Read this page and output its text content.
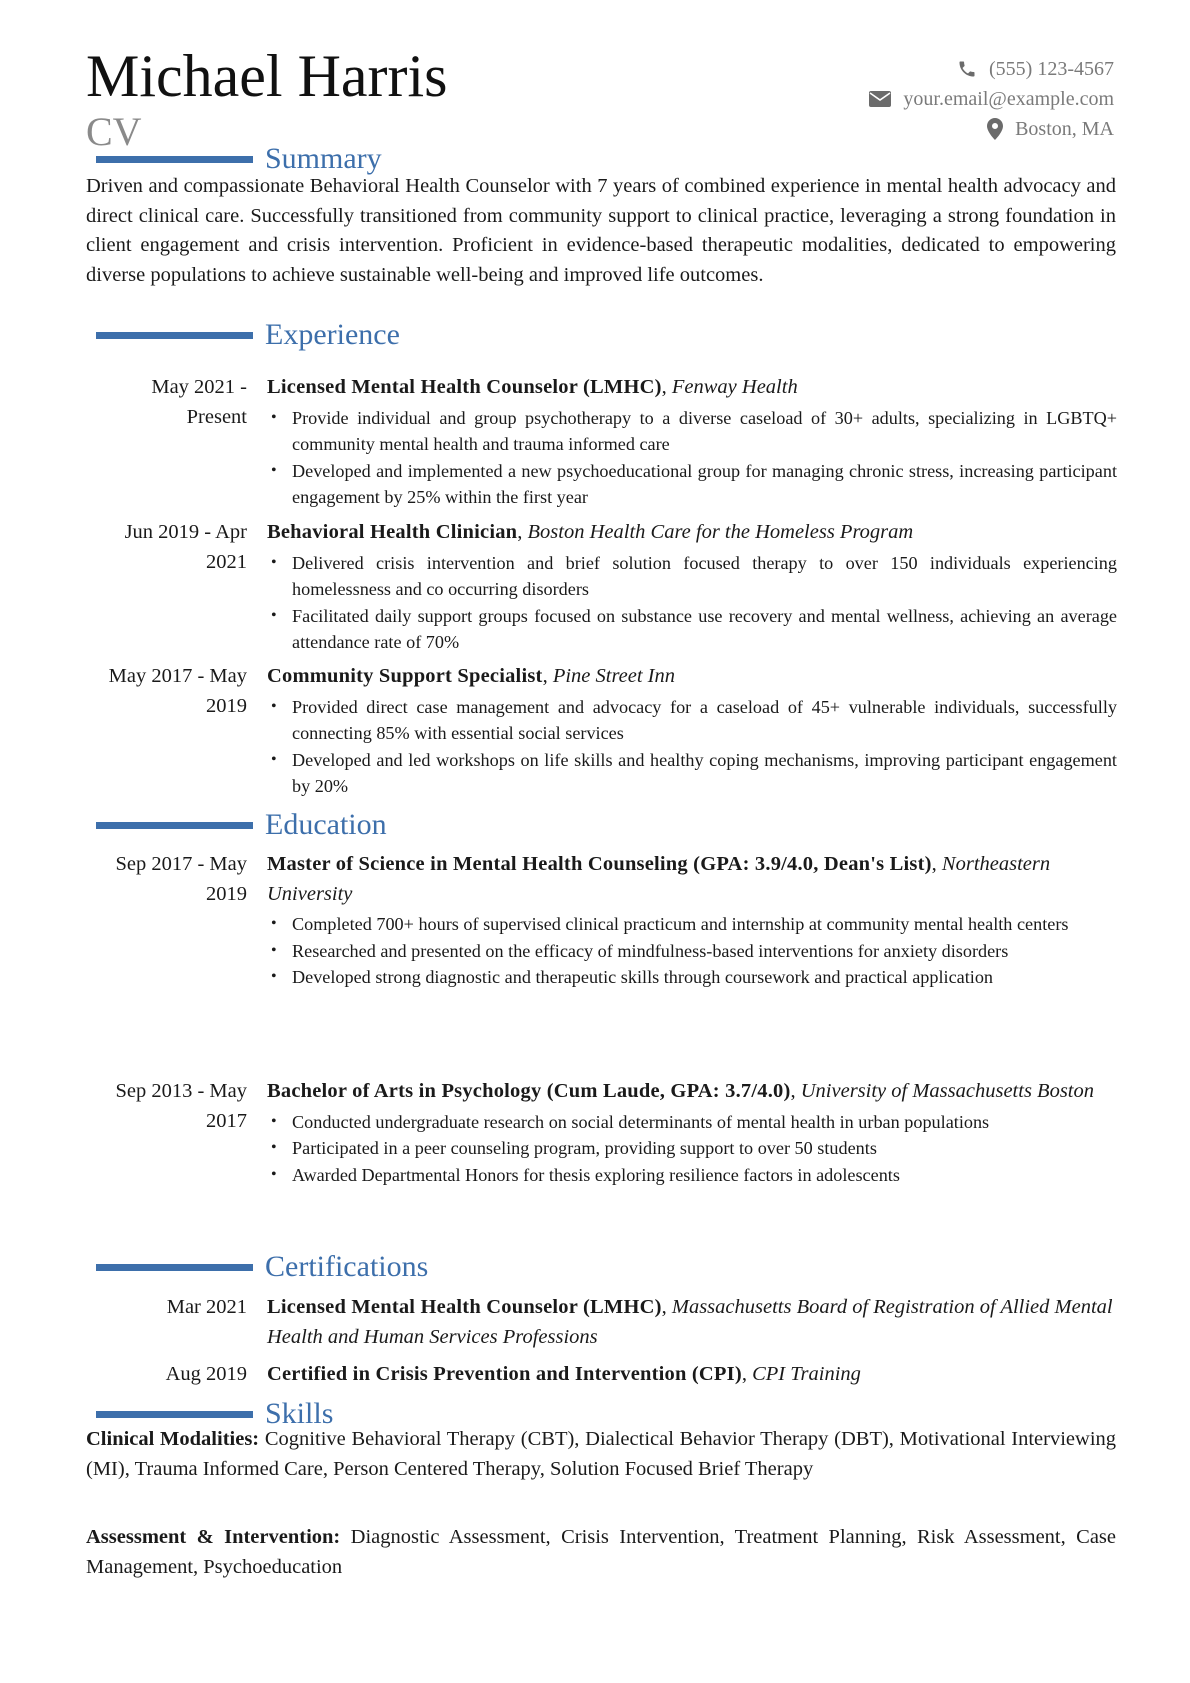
Michael Harris
CV
(555) 123-4567
your.email@example.com
Boston, MA
Summary

Driven and compassionate Behavioral Health Counselor with 7 years of combined experience in mental health advocacy and direct clinical care. Successfully transitioned from community support to clinical practice, leveraging a strong foundation in client engagement and crisis intervention. Proficient in evidence-based therapeutic modalities, dedicated to empowering diverse populations to achieve sustainable well-being and improved life outcomes.

Experience
May 2021 - Present
Licensed Mental Health Counselor (LMHC), Fenway Health
• Provide individual and group psychotherapy to a diverse caseload of 30+ adults, specializing in LGBTQ+ community mental health and trauma informed care
• Developed and implemented a new psychoeducational group for managing chronic stress, increasing participant engagement by 25% within the first year
Jun 2019 - Apr 2021
Behavioral Health Clinician, Boston Health Care for the Homeless Program
• Delivered crisis intervention and brief solution focused therapy to over 150 individuals experiencing homelessness and co occurring disorders
• Facilitated daily support groups focused on substance use recovery and mental wellness, achieving an average attendance rate of 70%
May 2017 - May 2019
Community Support Specialist, Pine Street Inn
• Provided direct case management and advocacy for a caseload of 45+ vulnerable individuals, successfully connecting 85% with essential social services
• Developed and led workshops on life skills and healthy coping mechanisms, improving participant engagement by 20%
Education
Sep 2017 - May 2019
Master of Science in Mental Health Counseling (GPA: 3.9/4.0, Dean's List), Northeastern University
• Completed 700+ hours of supervised clinical practicum and internship at community mental health centers
• Researched and presented on the efficacy of mindfulness-based interventions for anxiety disorders
• Developed strong diagnostic and therapeutic skills through coursework and practical application
Sep 2013 - May 2017
Bachelor of Arts in Psychology (Cum Laude, GPA: 3.7/4.0), University of Massachusetts Boston
• Conducted undergraduate research on social determinants of mental health in urban populations
• Participated in a peer counseling program, providing support to over 50 students
• Awarded Departmental Honors for thesis exploring resilience factors in adolescents
Certifications
Mar 2021 Licensed Mental Health Counselor (LMHC), Massachusetts Board of Registration of Allied Mental Health and Human Services Professions
Aug 2019 Certified in Crisis Prevention and Intervention (CPI), CPI Training
Skills

Clinical Modalities: Cognitive Behavioral Therapy (CBT), Dialectical Behavior Therapy (DBT), Motivational Interviewing (MI), Trauma Informed Care, Person Centered Therapy, Solution Focused Brief Therapy

Assessment & Intervention: Diagnostic Assessment, Crisis Intervention, Treatment Planning, Risk Assessment, Case Management, Psychoeducation
